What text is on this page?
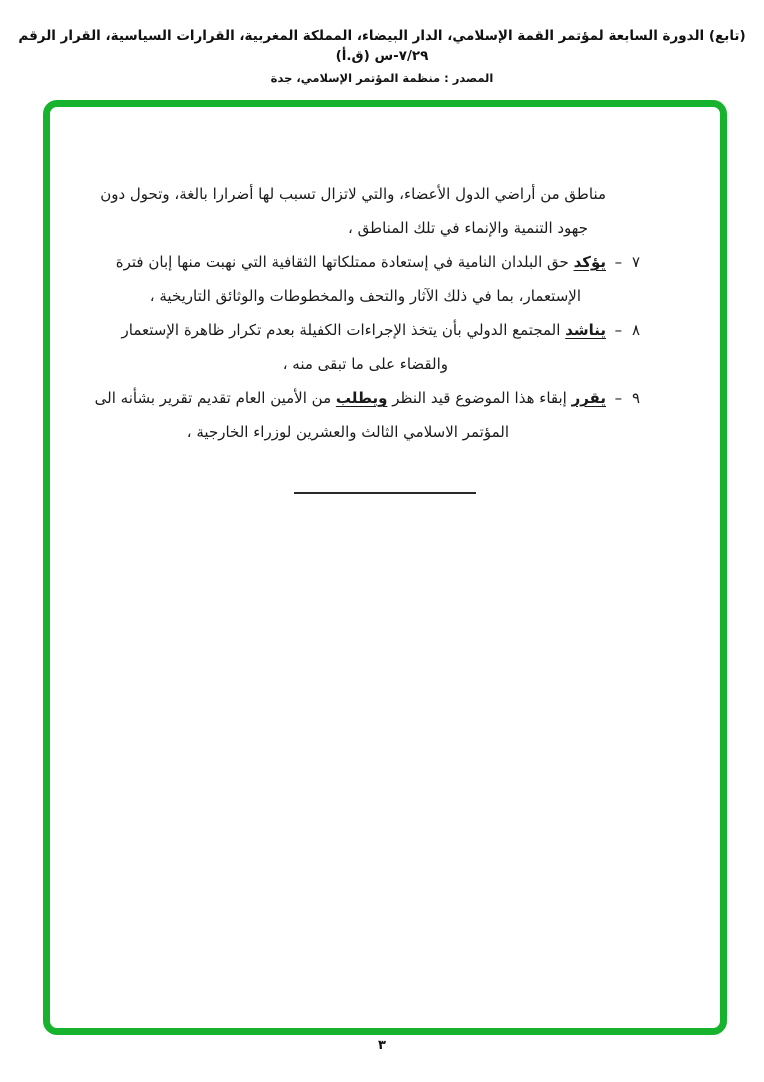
(تابع) الدورة السابعة لمؤتمر القمة الإسلامي، الدار البيضاء، المملكة المغربية، القرارات السياسية، القرار الرقم ٧/٢٩-س (ق.أ)
المصدر : منظمة المؤتمر الإسلامي، جدة
مناطق من أراضي الدول الأعضاء، والتي لاتزال تسبب لها أضرارا بالغة، وتحول دون
جهود التنمية والإنماء في تلك المناطق ،
٧ –
يؤكد حق البلدان النامية في إستعادة ممتلكاتها الثقافية التي نهبت منها إبان فترة
الإستعمار، بما في ذلك الآثار والتحف والمخطوطات والوثائق التاريخية ،
٨ –
يناشد المجتمع الدولي بأن يتخذ الإجراءات الكفيلة بعدم تكرار ظاهرة الإستعمار
والقضاء على ما تبقى منه ،
٩ –
يقرر إبقاء هذا الموضوع قيد النظر ويطلب من الأمين العام تقديم تقرير بشأنه الى
المؤتمر الاسلامي الثالث والعشرين لوزراء الخارجية ،
٣
